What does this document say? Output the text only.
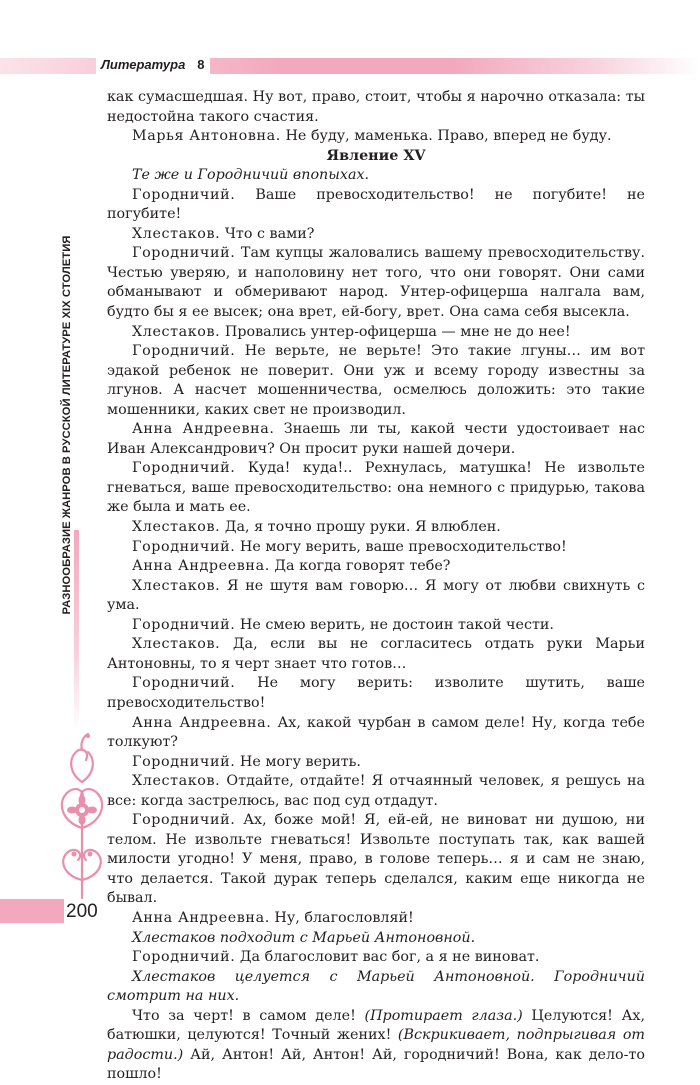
Литература 8
РАЗНООБРАЗИЕ ЖАНРОВ В РУССКОЙ ЛИТЕРАТУРЕ XIX СТОЛЕТИЯ
200

как сумасшедшая. Ну вот, право, стоит, чтобы я нарочно отказала: ты недостойна такого счастия.

Марья Антоновна. Не буду, маменька. Право, вперед не буду.

Явление XV

Те же и Городничий впопыхах.

Городничий. Ваше превосходительство! не погубите! не погубите!

Хлестаков. Что с вами?

Городничий. Там купцы жаловались вашему превосходительству. Честью уверяю, и наполовину нет того, что они говорят. Они сами обманывают и обмеривают народ. Унтер-офицерша налгала вам, будто бы я ее высек; она врет, ей-богу, врет. Она сама себя высекла.

Хлестаков. Провались унтер-офицерша — мне не до нее!

Городничий. Не верьте, не верьте! Это такие лгуны… им вот эдакой ребенок не поверит. Они уж и всему городу известны за лгунов. А насчет мошенничества, осмелюсь доложить: это такие мошенники, каких свет не производил.

Анна Андреевна. Знаешь ли ты, какой чести удостоивает нас Иван Александрович? Он просит руки нашей дочери.

Городничий. Куда! куда!.. Рехнулась, матушка! Не извольте гневаться, ваше превосходительство: она немного с придурью, такова же была и мать ее.

Хлестаков. Да, я точно прошу руки. Я влюблен.

Городничий. Не могу верить, ваше превосходительство!

Анна Андреевна. Да когда говорят тебе?

Хлестаков. Я не шутя вам говорю… Я могу от любви свихнуть с ума.

Городничий. Не смею верить, не достоин такой чести.

Хлестаков. Да, если вы не согласитесь отдать руки Марьи Антоновны, то я черт знает что готов…

Городничий. Не могу верить: изволите шутить, ваше превосходительство!

Анна Андреевна. Ах, какой чурбан в самом деле! Ну, когда тебе толкуют?

Городничий. Не могу верить.

Хлестаков. Отдайте, отдайте! Я отчаянный человек, я решусь на все: когда застрелюсь, вас под суд отдадут.

Городничий. Ах, боже мой! Я, ей-ей, не виноват ни душою, ни телом. Не извольте гневаться! Извольте поступать так, как вашей милости угодно! У меня, право, в голове теперь… я и сам не знаю, что делается. Такой дурак теперь сделался, каким еще никогда не бывал.

Анна Андреевна. Ну, благословляй!

Хлестаков подходит с Марьей Антоновной.

Городничий. Да благословит вас бог, а я не виноват.

Хлестаков целуется с Марьей Антоновной. Городничий смотрит на них.

Что за черт! в самом деле! (Протирает глаза.) Целуются! Ах, батюшки, целуются! Точный жених! (Вскрикивает, подпрыгивая от радости.) Ай, Антон! Ай, Антон! Ай, городничий! Вона, как дело-то пошло!
